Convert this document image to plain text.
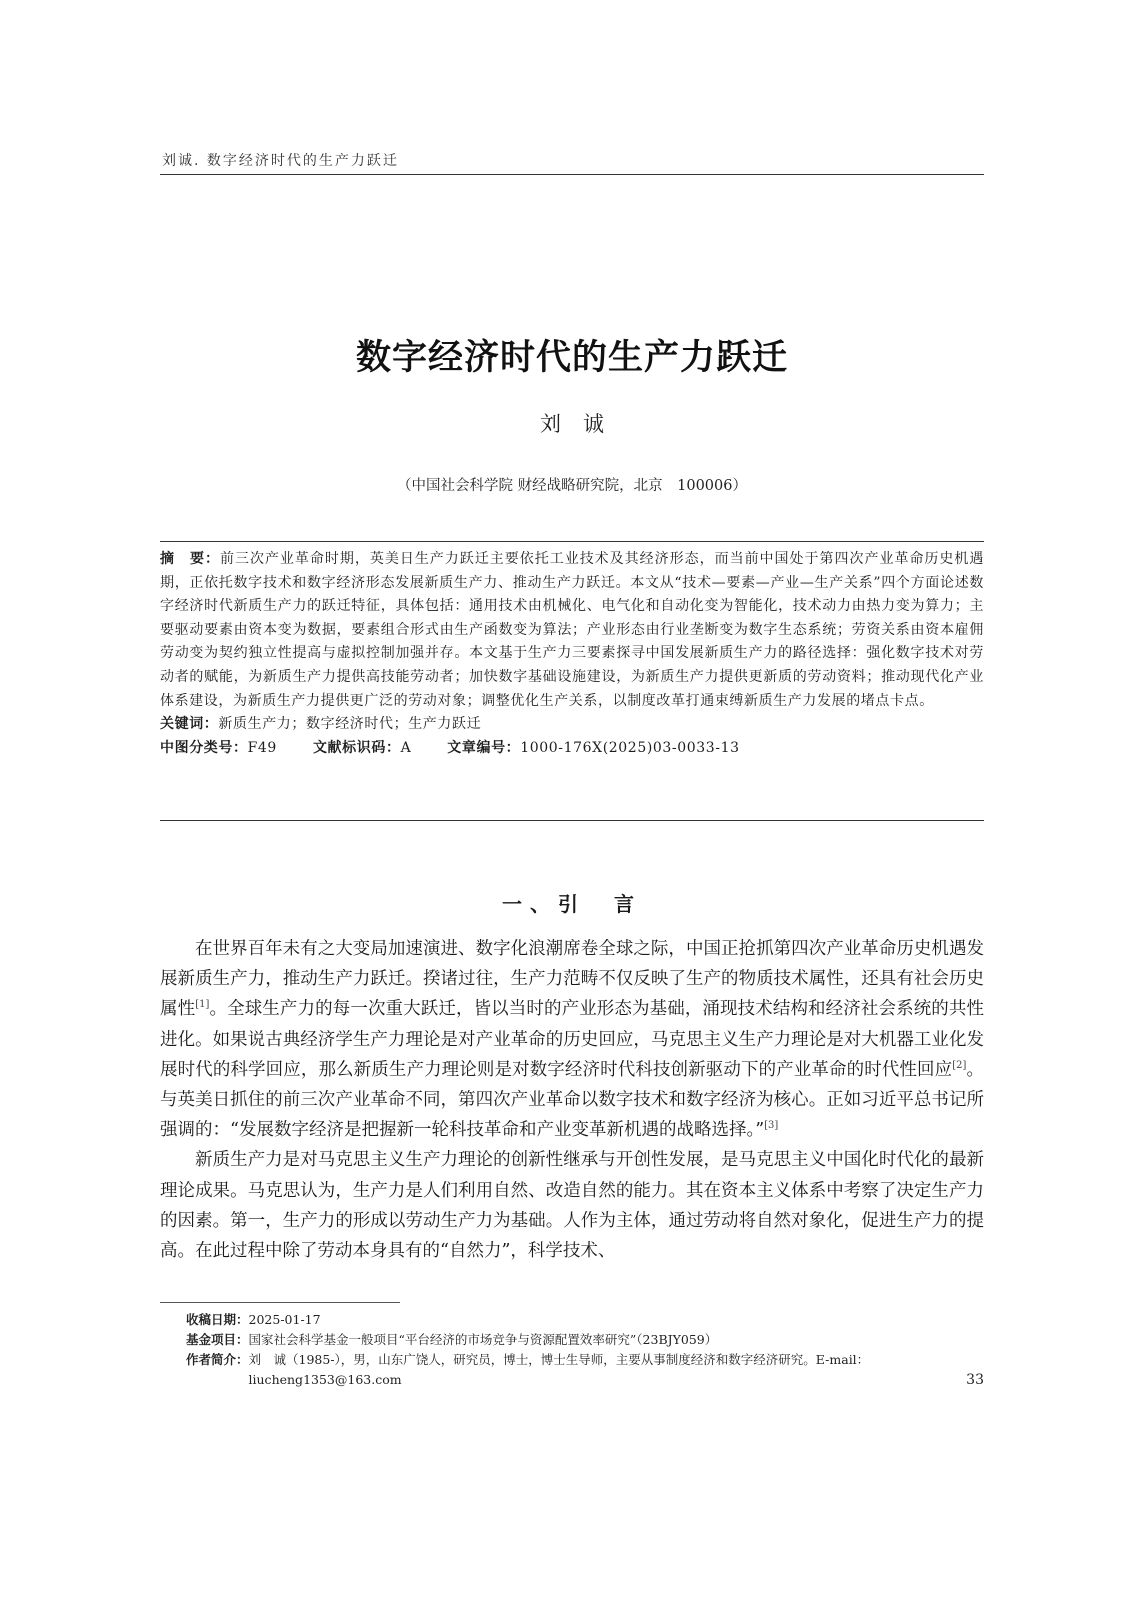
刘诚. 数字经济时代的生产力跃迁
数字经济时代的生产力跃迁
刘诚
（中国社会科学院 财经战略研究院，北京　100006）

摘　要：前三次产业革命时期，英美日生产力跃迁主要依托工业技术及其经济形态，而当前中国处于第四次产业革命历史机遇期，正依托数字技术和数字经济形态发展新质生产力、推动生产力跃迁。本文从“技术—要素—产业—生产关系”四个方面论述数字经济时代新质生产力的跃迁特征，具体包括：通用技术由机械化、电气化和自动化变为智能化，技术动力由热力变为算力；主要驱动要素由资本变为数据，要素组合形式由生产函数变为算法；产业形态由行业垄断变为数字生态系统；劳资关系由资本雇佣劳动变为契约独立性提高与虚拟控制加强并存。本文基于生产力三要素探寻中国发展新质生产力的路径选择：强化数字技术对劳动者的赋能，为新质生产力提供高技能劳动者；加快数字基础设施建设，为新质生产力提供更新质的劳动资料；推动现代化产业体系建设，为新质生产力提供更广泛的劳动对象；调整优化生产关系，以制度改革打通束缚新质生产力发展的堵点卡点。

关键词：新质生产力；数字经济时代；生产力跃迁

中图分类号：F49	文献标识码：A	文章编号：1000-176X(2025)03-0033-13

一、引　言

在世界百年未有之大变局加速演进、数字化浪潮席卷全球之际，中国正抢抓第四次产业革命历史机遇发展新质生产力，推动生产力跃迁。揆诸过往，生产力范畴不仅反映了生产的物质技术属性，还具有社会历史属性[1]。全球生产力的每一次重大跃迁，皆以当时的产业形态为基础，涌现技术结构和经济社会系统的共性进化。如果说古典经济学生产力理论是对产业革命的历史回应，马克思主义生产力理论是对大机器工业化发展时代的科学回应，那么新质生产力理论则是对数字经济时代科技创新驱动下的产业革命的时代性回应[2]。与英美日抓住的前三次产业革命不同，第四次产业革命以数字技术和数字经济为核心。正如习近平总书记所强调的：“发展数字经济是把握新一轮科技革命和产业变革新机遇的战略选择。”[3]

新质生产力是对马克思主义生产力理论的创新性继承与开创性发展，是马克思主义中国化时代化的最新理论成果。马克思认为，生产力是人们利用自然、改造自然的能力。其在资本主义体系中考察了决定生产力的因素。第一，生产力的形成以劳动生产力为基础。人作为主体，通过劳动将自然对象化，促进生产力的提高。在此过程中除了劳动本身具有的“自然力”，科学技术、

收稿日期： 2025-01-17
基金项目： 国家社会科学基金一般项目“平台经济的市场竞争与资源配置效率研究”（23BJY059）
作者简介： 刘　诚（1985-），男，山东广饶人，研究员，博士，博士生导师，主要从事制度经济和数字经济研究。E-mail：liucheng1353@163.com	33
